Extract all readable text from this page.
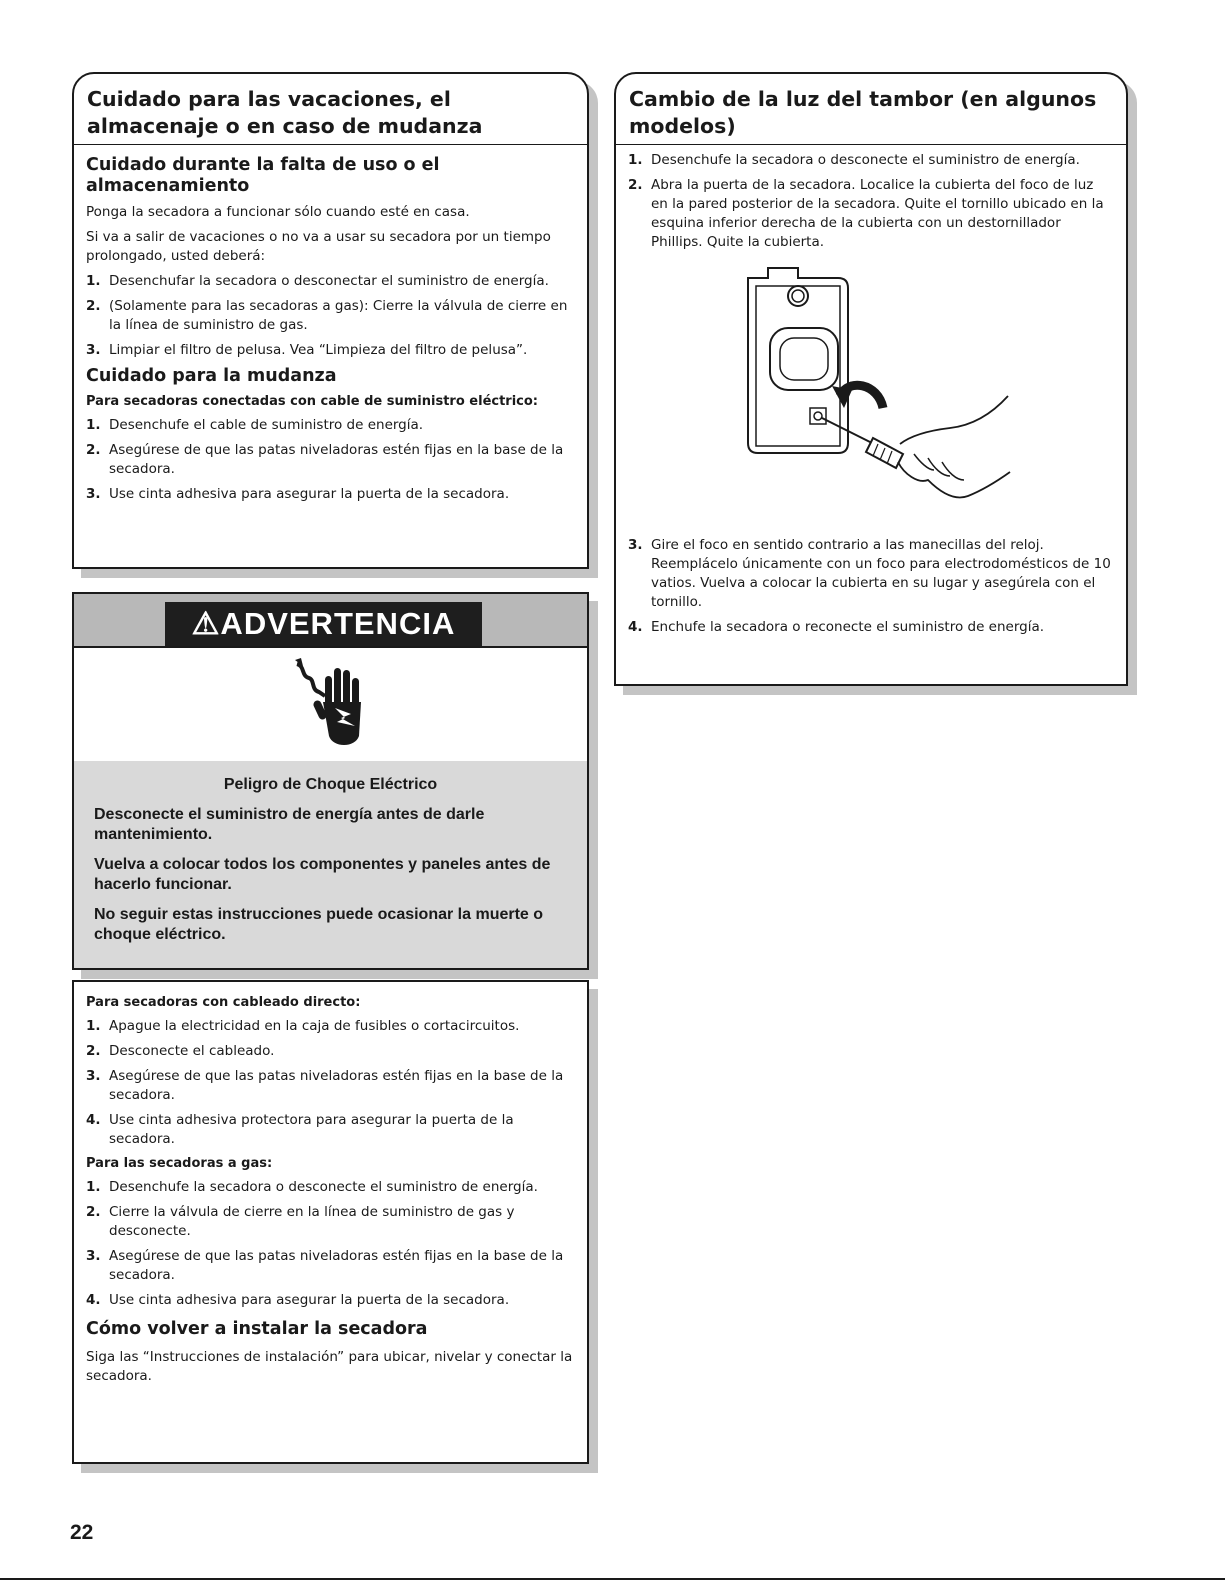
Cuidado para las vacaciones, el almacenaje o en caso de mudanza
Cuidado durante la falta de uso o el almacenamiento

Ponga la secadora a funcionar sólo cuando esté en casa.

Si va a salir de vacaciones o no va a usar su secadora por un tiempo prolongado, usted deberá:

1. Desenchufar la secadora o desconectar el suministro de energía.
2. (Solamente para las secadoras a gas): Cierre la válvula de cierre en la línea de suministro de gas.
3. Limpiar el filtro de pelusa. Vea “Limpieza del filtro de pelusa”.
Cuidado para la mudanza
Para secadoras conectadas con cable de suministro eléctrico:
1. Desenchufe el cable de suministro de energía.
2. Asegúrese de que las patas niveladoras estén fijas en la base de la secadora.
3. Use cinta adhesiva para asegurar la puerta de la secadora.
⚠ADVERTENCIA
Peligro de Choque Eléctrico
Desconecte el suministro de energía antes de darle mantenimiento.
Vuelva a colocar todos los componentes y paneles antes de hacerlo funcionar.
No seguir estas instrucciones puede ocasionar la muerte o choque eléctrico.
Para secadoras con cableado directo:
1. Apague la electricidad en la caja de fusibles o cortacircuitos.
2. Desconecte el cableado.
3. Asegúrese de que las patas niveladoras estén fijas en la base de la secadora.
4. Use cinta adhesiva protectora para asegurar la puerta de la secadora.
Para las secadoras a gas:
1. Desenchufe la secadora o desconecte el suministro de energía.
2. Cierre la válvula de cierre en la línea de suministro de gas y desconecte.
3. Asegúrese de que las patas niveladoras estén fijas en la base de la secadora.
4. Use cinta adhesiva para asegurar la puerta de la secadora.
Cómo volver a instalar la secadora

Siga las “Instrucciones de instalación” para ubicar, nivelar y conectar la secadora.

Cambio de la luz del tambor (en algunos modelos)
1. Desenchufe la secadora o desconecte el suministro de energía.
2. Abra la puerta de la secadora. Localice la cubierta del foco de luz en la pared posterior de la secadora. Quite el tornillo ubicado en la esquina inferior derecha de la cubierta con un destornillador Phillips. Quite la cubierta.
3. Gire el foco en sentido contrario a las manecillas del reloj. Reemplácelo únicamente con un foco para electrodomésticos de 10 vatios. Vuelva a colocar la cubierta en su lugar y asegúrela con el tornillo.
4. Enchufe la secadora o reconecte el suministro de energía.
22
